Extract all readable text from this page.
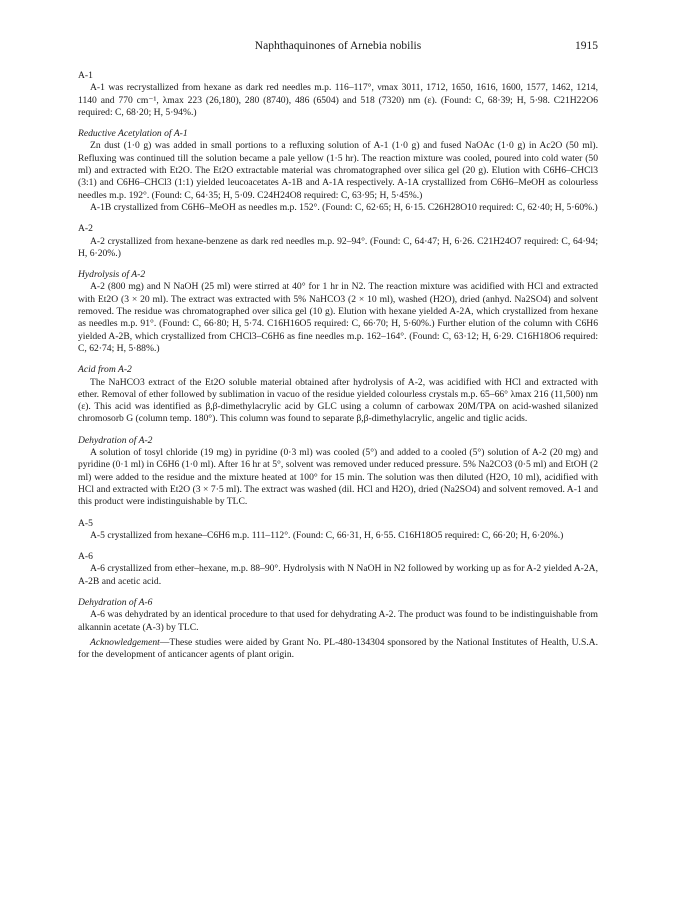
Naphthaquinones of Arnebia nobilis	1915
A-1

A-1 was recrystallized from hexane as dark red needles m.p. 116–117°, νmax 3011, 1712, 1650, 1616, 1600, 1577, 1462, 1214, 1140 and 770 cm⁻¹, λmax 223 (26,180), 280 (8740), 486 (6504) and 518 (7320) nm (ε). (Found: C, 68·39; H, 5·98. C21H22O6 required: C, 68·20; H, 5·94%.)

Reductive Acetylation of A-1

Zn dust (1·0 g) was added in small portions to a refluxing solution of A-1 (1·0 g) and fused NaOAc (1·0 g) in Ac2O (50 ml). Refluxing was continued till the solution became a pale yellow (1·5 hr). The reaction mixture was cooled, poured into cold water (50 ml) and extracted with Et2O. The Et2O extractable material was chromatographed over silica gel (20 g). Elution with C6H6–CHCl3 (3:1) and C6H6–CHCl3 (1:1) yielded leucoacetates A-1B and A-1A respectively. A-1A crystallized from C6H6–MeOH as colourless needles m.p. 192°. (Found: C, 64·35; H, 5·09. C24H24O8 required: C, 63·95; H, 5·45%.)

A-1B crystallized from C6H6–MeOH as needles m.p. 152°. (Found: C, 62·65; H, 6·15. C26H28O10 required: C, 62·40; H, 5·60%.)

A-2

A-2 crystallized from hexane-benzene as dark red needles m.p. 92–94°. (Found: C, 64·47; H, 6·26. C21H24O7 required: C, 64·94; H, 6·20%.)

Hydrolysis of A-2

A-2 (800 mg) and N NaOH (25 ml) were stirred at 40° for 1 hr in N2. The reaction mixture was acidified with HCl and extracted with Et2O (3 × 20 ml). The extract was extracted with 5% NaHCO3 (2 × 10 ml), washed (H2O), dried (anhyd. Na2SO4) and solvent removed. The residue was chromatographed over silica gel (10 g). Elution with hexane yielded A-2A, which crystallized from hexane as needles m.p. 91°. (Found: C, 66·80; H, 5·74. C16H16O5 required: C, 66·70; H, 5·60%.) Further elution of the column with C6H6 yielded A-2B, which crystallized from CHCl3–C6H6 as fine needles m.p. 162–164°. (Found: C, 63·12; H, 6·29. C16H18O6 required: C, 62·74; H, 5·88%.)

Acid from A-2

The NaHCO3 extract of the Et2O soluble material obtained after hydrolysis of A-2, was acidified with HCl and extracted with ether. Removal of ether followed by sublimation in vacuo of the residue yielded colourless crystals m.p. 65–66° λmax 216 (11,500) nm (ε). This acid was identified as β,β-dimethylacrylic acid by GLC using a column of carbowax 20M/TPA on acid-washed silanized chromosorb G (column temp. 180°). This column was found to separate β,β-dimethylacrylic, angelic and tiglic acids.

Dehydration of A-2

A solution of tosyl chloride (19 mg) in pyridine (0·3 ml) was cooled (5°) and added to a cooled (5°) solution of A-2 (20 mg) and pyridine (0·1 ml) in C6H6 (1·0 ml). After 16 hr at 5°, solvent was removed under reduced pressure. 5% Na2CO3 (0·5 ml) and EtOH (2 ml) were added to the residue and the mixture heated at 100° for 15 min. The solution was then diluted (H2O, 10 ml), acidified with HCl and extracted with Et2O (3 × 7·5 ml). The extract was washed (dil. HCl and H2O), dried (Na2SO4) and solvent removed. A-1 and this product were indistinguishable by TLC.

A-5

A-5 crystallized from hexane–C6H6 m.p. 111–112°. (Found: C, 66·31, H, 6·55. C16H18O5 required: C, 66·20; H, 6·20%.)

A-6

A-6 crystallized from ether–hexane, m.p. 88–90°. Hydrolysis with N NaOH in N2 followed by working up as for A-2 yielded A-2A, A-2B and acetic acid.

Dehydration of A-6

A-6 was dehydrated by an identical procedure to that used for dehydrating A-2. The product was found to be indistinguishable from alkannin acetate (A-3) by TLC.

Acknowledgement—These studies were aided by Grant No. PL-480-134304 sponsored by the National Institutes of Health, U.S.A. for the development of anticancer agents of plant origin.
